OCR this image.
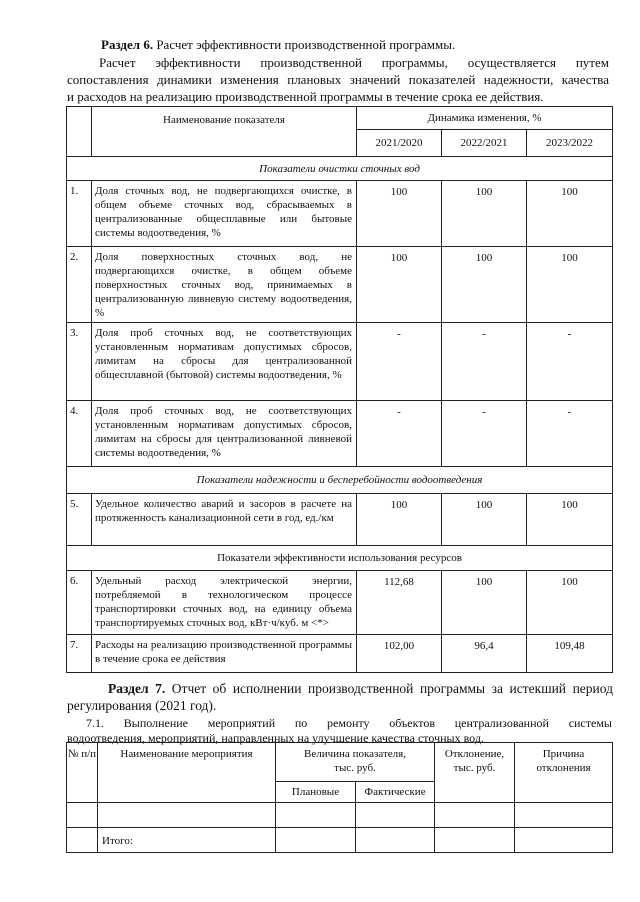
Раздел 6. Расчет эффективности производственной программы.
Расчет эффективности производственной программы, осуществляется путем
сопоставления динамики изменения плановых значений показателей надежности, качества
и расходов на реализацию производственной программы в течение срока ее действия.
	Наименование показателя	Динамика изменения, %		
		2021/2020	2022/2021	2023/2022
Показатели очистки сточных вод				
1.	Доля сточных вод, не подвергающихся очистке, в общем объеме сточных вод, сбрасываемых в централизованные общесплавные или бытовые системы водоотведения, %	100	100	100
2.	Доля поверхностных сточных вод, не подвергающихся очистке, в общем объеме поверхностных сточных вод, принимаемых в централизованную ливневую систему водоотведения, %	100	100	100
3.	Доля проб сточных вод, не соответствующих установленным нормативам допустимых сбросов, лимитам на сбросы для централизованной общесплавной (бытовой) системы водоотведения, %	-	-	-
4.	Доля проб сточных вод, не соответствующих установленным нормативам допустимых сбросов, лимитам на сбросы для централизованной ливневой системы водоотведения, %	-	-	-
Показатели надежности и бесперебойности водоотведения				
5.	Удельное количество аварий и засоров в расчете на протяженность канализационной сети в год, ед./км	100	100	100
Показатели эффективности использования ресурсов				
6.	Удельный расход электрической энергии, потребляемой в технологическом процессе транспортировки сточных вод, на единицу объема транспортируемых сточных вод, кВт·ч/куб. м <*>	112,68	100	100
7.	Расходы на реализацию производственной программы в течение срока ее действия	102,00	96,4	109,48
Раздел 7. Отчет об исполнении производственной программы за истекший период
регулирования (2021 год).
7.1. Выполнение мероприятий по ремонту объектов централизованной системы
водоотведения, мероприятий, направленных на улучшение качества сточных вод.
№ п/п	Наименование мероприятия	Величина показателя, тыс. руб.		Отклонение, тыс. руб.	Причина отклонения
		Плановые	Фактические		

	Итого:				
